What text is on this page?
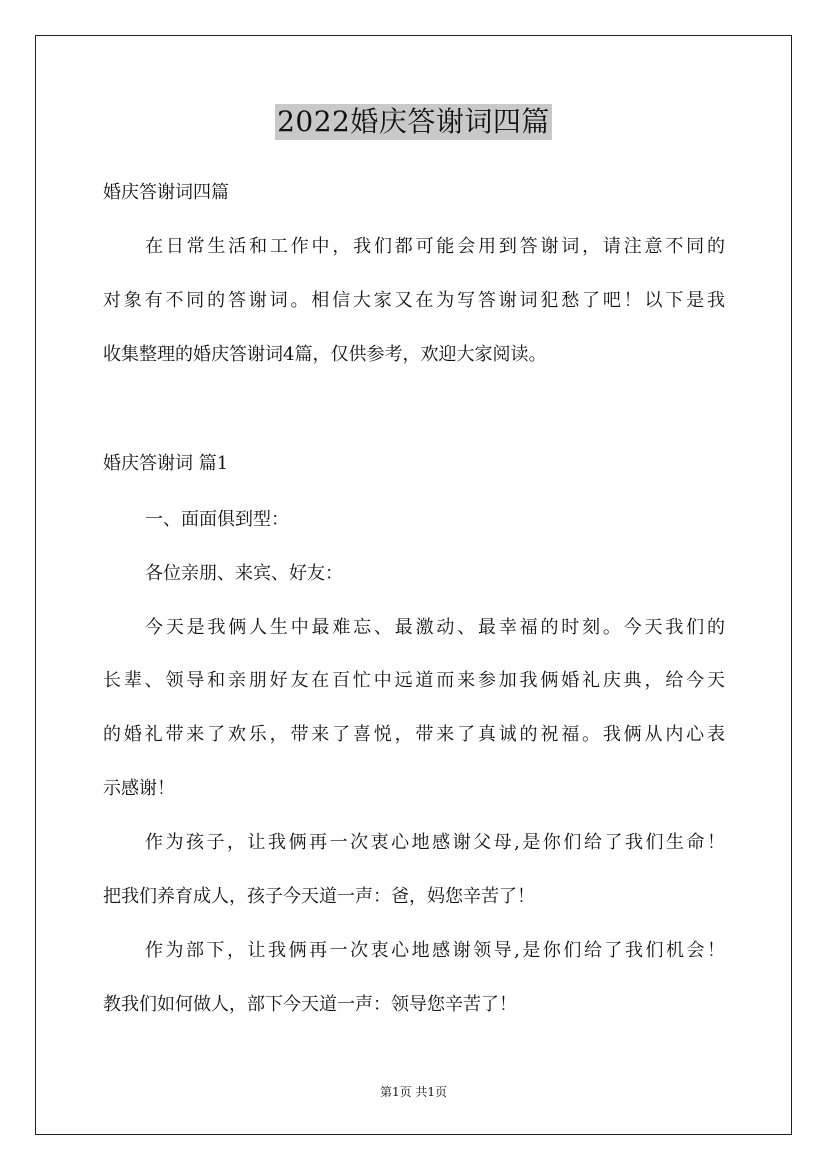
2022婚庆答谢词四篇
婚庆答谢词四篇
在日常生活和工作中，我们都可能会用到答谢词，请注意不同的
对象有不同的答谢词。相信大家又在为写答谢词犯愁了吧！以下是我
收集整理的婚庆答谢词4篇，仅供参考，欢迎大家阅读。
婚庆答谢词 篇1
一、面面俱到型：
各位亲朋、来宾、好友：
今天是我俩人生中最难忘、最激动、最幸福的时刻。今天我们的
长辈、领导和亲朋好友在百忙中远道而来参加我俩婚礼庆典，给今天
的婚礼带来了欢乐，带来了喜悦，带来了真诚的祝福。我俩从内心表
示感谢！
作为孩子，让我俩再一次衷心地感谢父母,是你们给了我们生命！
把我们养育成人，孩子今天道一声：爸，妈您辛苦了！
作为部下，让我俩再一次衷心地感谢领导,是你们给了我们机会！
教我们如何做人，部下今天道一声：领导您辛苦了！
第1页 共1页
